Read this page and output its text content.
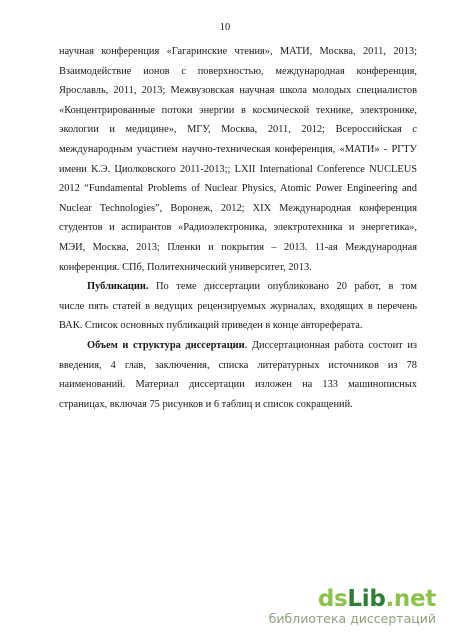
10

научная конференция «Гагаринские чтения», МАТИ, Москва, 2011, 2013;
Взаимодействие ионов с поверхностью, международная конференция,
Ярославль, 2011, 2013; Межвузовская научная школа молодых специалистов
«Концентрированные потоки энергии в космической технике, электронике,
экологии и медицине», МГУ, Москва, 2011, 2012; Всероссийская с
международным участием научно-техническая конференция, «МАТИ» - РГТУ
имени К.Э. Циолковского 2011-2013;; LXII International Conference NUCLEUS
2012 “Fundamental Problems of Nuclear Physics, Atomic Power Engineering and
Nuclear Technologies”, Воронеж, 2012; XIX Международная конференция
студентов и аспирантов «Радиоэлектроника, электротехника и энергетика»,
МЭИ, Москва, 2013; Пленки и покрытия – 2013. 11-ая Международная
конференция. СПб, Политехнический университет, 2013.

Публикации. По теме диссертации опубликовано 20 работ, в том
числе пять статей в ведущих рецензируемых журналах, входящих в перечень
ВАК. Список основных публикаций приведен в конце автореферата.

Объем и структура диссертации. Диссертационная работа состоит из
введения, 4 глав, заключения, списка литературных источников из 78
наименований. Материал диссертации изложен на 133 машинописных
страницах, включая 75 рисунков и 6 таблиц и список сокращений.

dsLib.net
библиотека диссертаций
